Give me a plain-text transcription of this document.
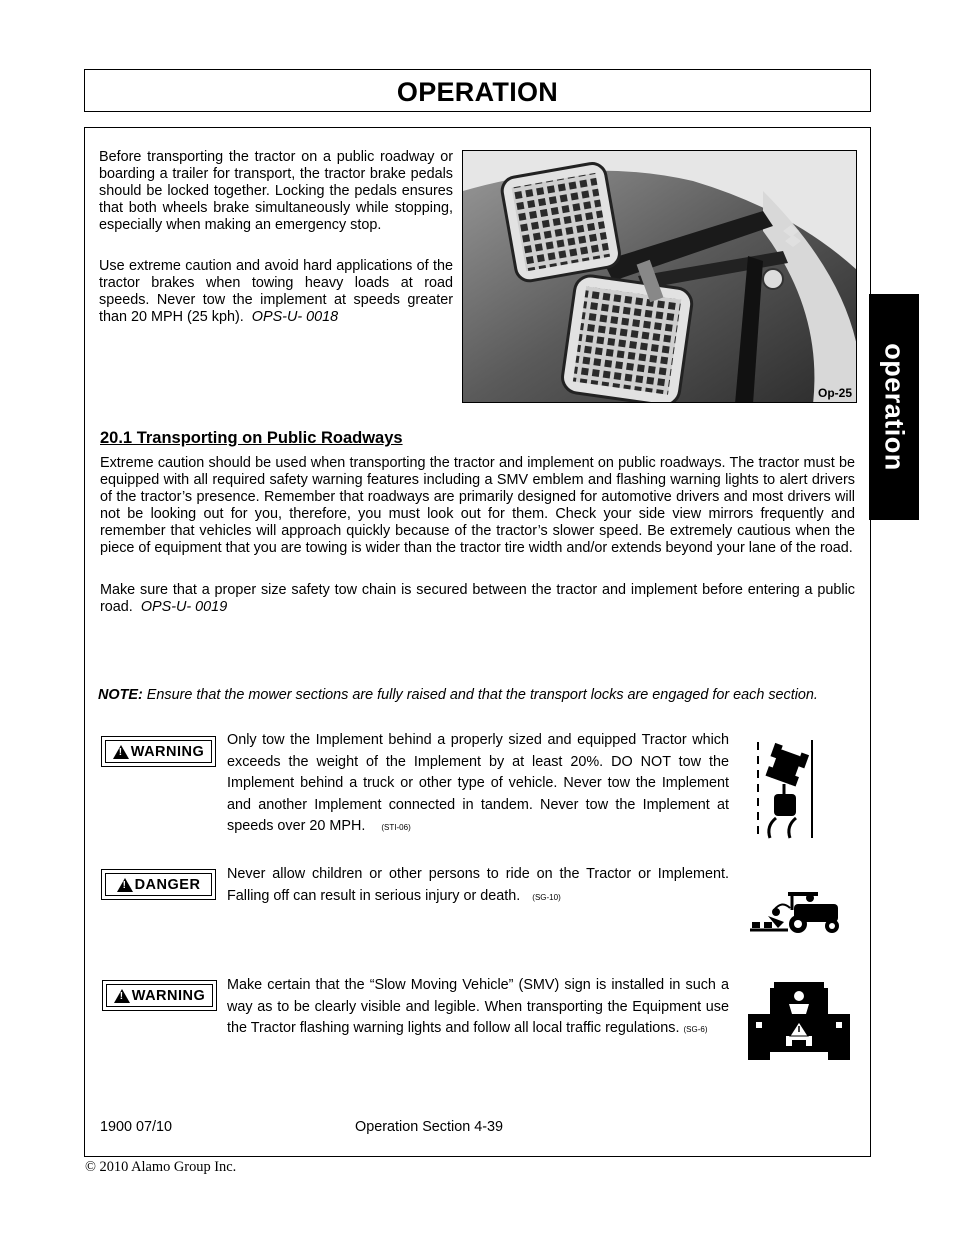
OPERATION
operation

Before transporting the tractor on a public roadway or boarding a trailer for transport, the tractor brake pedals should be locked together. Locking the pedals ensures that both wheels brake simultaneously while stopping, especially when making an emergency stop.

Use extreme caution and avoid hard applications of the tractor brakes when towing heavy loads at road speeds. Never tow the implement at speeds greater than 20 MPH (25 kph). OPS-U- 0018

Op-25
20.1 Transporting on Public Roadways

Extreme caution should be used when transporting the tractor and implement on public roadways. The tractor must be equipped with all required safety warning features including a SMV emblem and flashing warning lights to alert drivers of the tractor’s presence. Remember that roadways are primarily designed for automotive drivers and most drivers will not be looking out for you, therefore, you must look out for them. Check your side view mirrors frequently and remember that vehicles will approach quickly because of the tractor’s slower speed. Be extremely cautious when the piece of equipment that you are towing is wider than the tractor tire width and/or extends beyond your lane of the road.

Make sure that a proper size safety tow chain is secured between the tractor and implement before entering a public road. OPS-U- 0019

NOTE: Ensure that the mower sections are fully raised and that the transport locks are engaged for each section.

!
WARNING

Only tow the Implement behind a properly sized and equipped Tractor which exceeds the weight of the Implement by at least 20%. DO NOT tow the Implement behind a truck or other type of vehicle. Never tow the Implement and another Implement connected in tandem. Never tow the Implement at speeds over 20 MPH. (STI-06)

!
DANGER

Never allow children or other persons to ride on the Tractor or Implement. Falling off can result in serious injury or death. (SG-10)

!
WARNING

Make certain that the “Slow Moving Vehicle” (SMV) sign is installed in such a way as to be clearly visible and legible. When transporting the Equipment use the Tractor flashing warning lights and follow all local traffic regulations. (SG-6)

1900 07/10	Operation Section 4-39
© 2010 Alamo Group Inc.
